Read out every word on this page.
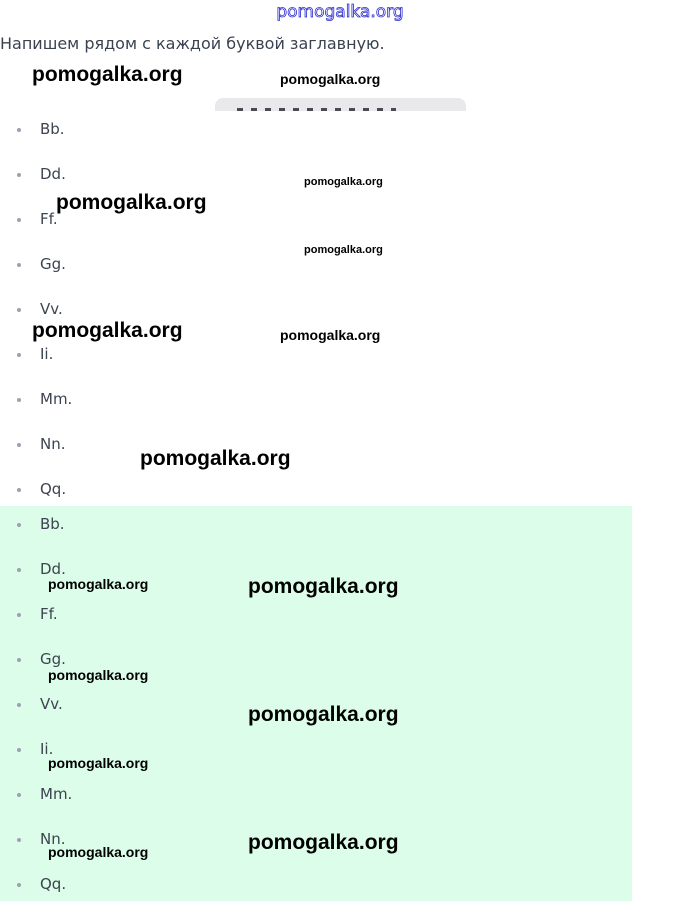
pomogalka.org
Напишем рядом с каждой буквой заглавную.
Bb.
Dd.
Ff.
Gg.
Vv.
Ii.
Mm.
Nn.
Qq.
Bb.
Dd.
Ff.
Gg.
Vv.
Ii.
Mm.
Nn.
Qq.
pomogalka.org	pomogalka.org
pomogalka.org
pomogalka.org
pomogalka.org
pomogalka.org	pomogalka.org
pomogalka.org
pomogalka.org	pomogalka.org
pomogalka.org
pomogalka.org
pomogalka.org
pomogalka.org
pomogalka.org
